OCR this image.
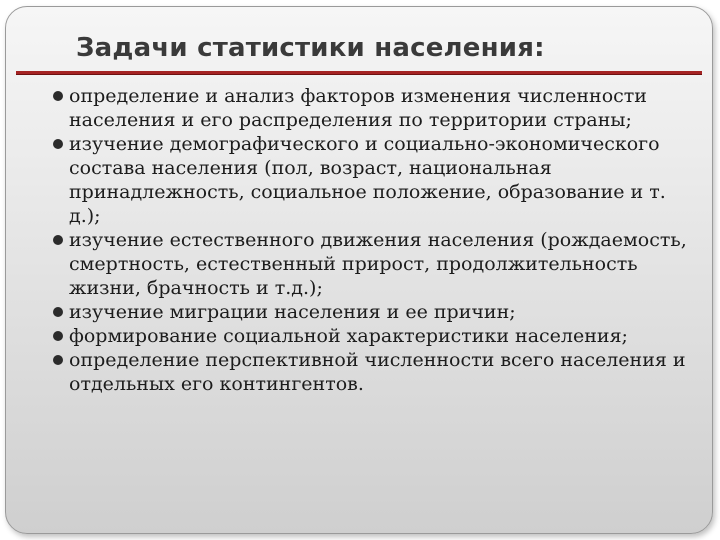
Задачи статистики населения:
определение и анализ факторов изменения численности населения и его распределения по территории страны;
изучение демографического и социально-экономического состава населения (пол, возраст, национальная принадлежность, социальное положение, образование и т. д.);
изучение естественного движения населения (рождаемость, смертность, естественный прирост, продолжительность жизни, брачность и т.д.);
изучение миграции населения и ее причин;
формирование социальной характеристики населения;
определение перспективной численности всего населения и отдельных его контингентов.
